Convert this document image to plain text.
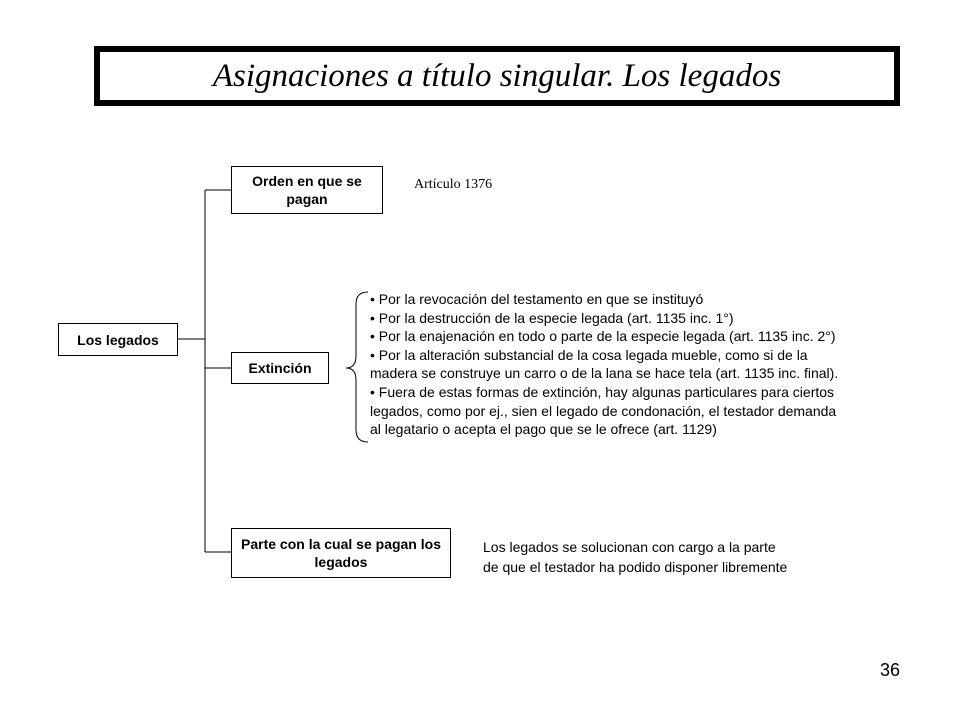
Asignaciones a título singular. Los legados
Los legados
Orden en que se pagan
Artículo 1376
Extinción
• Por la revocación del testamento en que se instituyó
• Por la destrucción de la especie legada (art. 1135 inc. 1°)
• Por la enajenación en todo o parte de la especie legada (art. 1135 inc. 2°)
• Por la alteración substancial de la cosa legada mueble, como si de la
madera se construye un carro o de la lana se hace tela (art. 1135 inc. final).
• Fuera de estas formas de extinción, hay algunas particulares para ciertos
legados, como por ej., sien el legado de condonación, el testador demanda
al legatario o acepta el pago que se le ofrece (art. 1129)
Parte con la cual se pagan los legados
Los legados se solucionan con cargo a la parte
de que el testador ha podido disponer libremente
36
